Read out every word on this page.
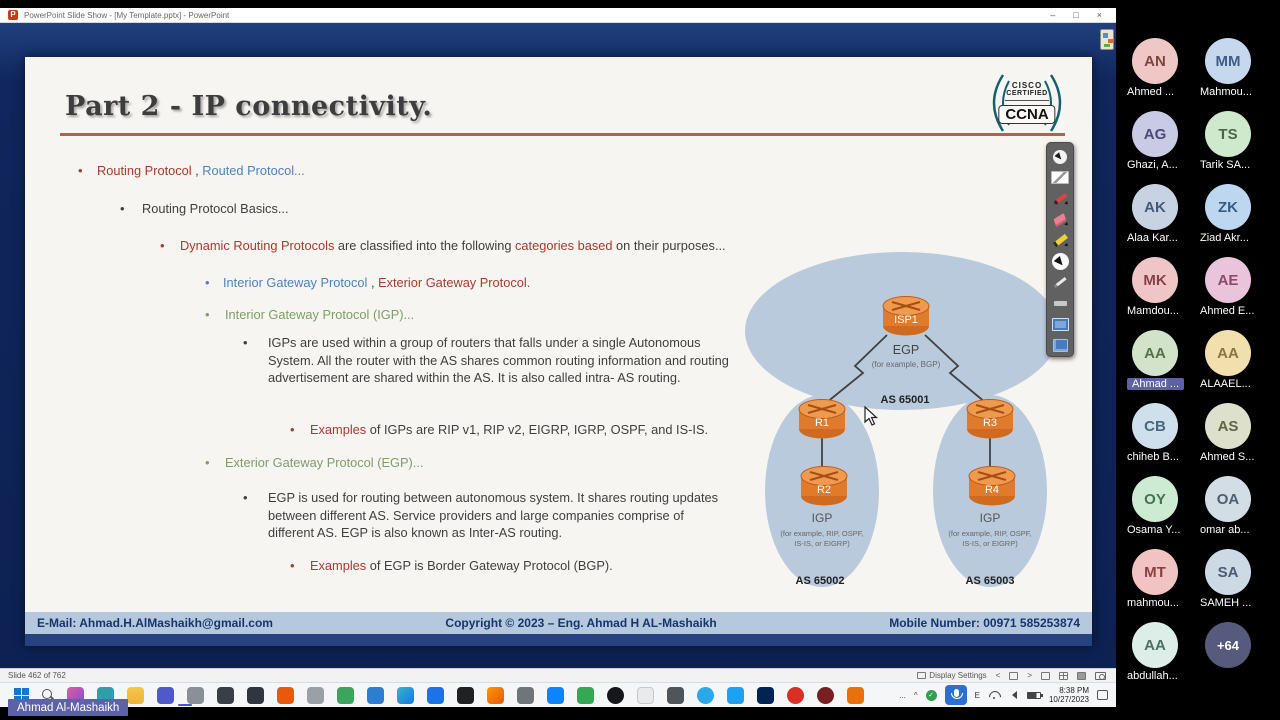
P PowerPoint Slide Show - [My Template.pptx] - PowerPoint	– □ ×
Part 2 - IP connectivity.
CISCO
CERTIFIED
CCNA
•
Routing Protocol , Routed Protocol...
•
Routing Protocol Basics...
•
Dynamic Routing Protocols are classified into the following categories based on their purposes...
•
Interior Gateway Protocol , Exterior Gateway Protocol.
•
Interior Gateway Protocol (IGP)...
•
IGPs are used within a group of routers that falls under a single Autonomous System. All the router with the AS shares common routing information and routing advertisement are shared within the AS. It is also called intra- AS routing.
•
Examples of IGPs are RIP v1, RIP v2, EIGRP, IGRP, OSPF, and IS-IS.
•
Exterior Gateway Protocol (EGP)...
•
EGP is used for routing between autonomous system. It shares routing updates between different AS. Service providers and large companies comprise of different AS. EGP is also known as Inter-AS routing.
•
Examples of EGP is Border Gateway Protocol (BGP).
ISP1
R1
R2
R3
R4
EGP
(for example, BGP)
AS 65001
IGP
(for example, RIP, OSPF,
IS-IS, or EIGRP)
AS 65002
IGP
(for example, RIP, OSPF,
IS-IS, or EIGRP)
AS 65003
E-Mail: Ahmad.H.AlMashaikh@gmail.com	Copyright © 2023 – Eng. Ahmad H AL-Mashaikh	Mobile Number: 00971 585253874
Slide 462 of 762	Display Settings <	>
... ^	✓	E
8:38 PM
10/27/2023
Ahmad Al-Mashaikh
AN
Ahmed ...
MM
Mahmou...
AG
Ghazi, A...
TS
Tarik SA...
AK
Alaa Kar...
ZK
Ziad Akr...
MK
Mamdou...
AE
Ahmed E...
AA
Ahmad ...
AA
ALAAEL...
CB
chiheb B...
AS
Ahmed S...
OY
Osama Y...
OA
omar ab...
MT
mahmou...
SA
SAMEH ...
AA
abdullah...
+64
